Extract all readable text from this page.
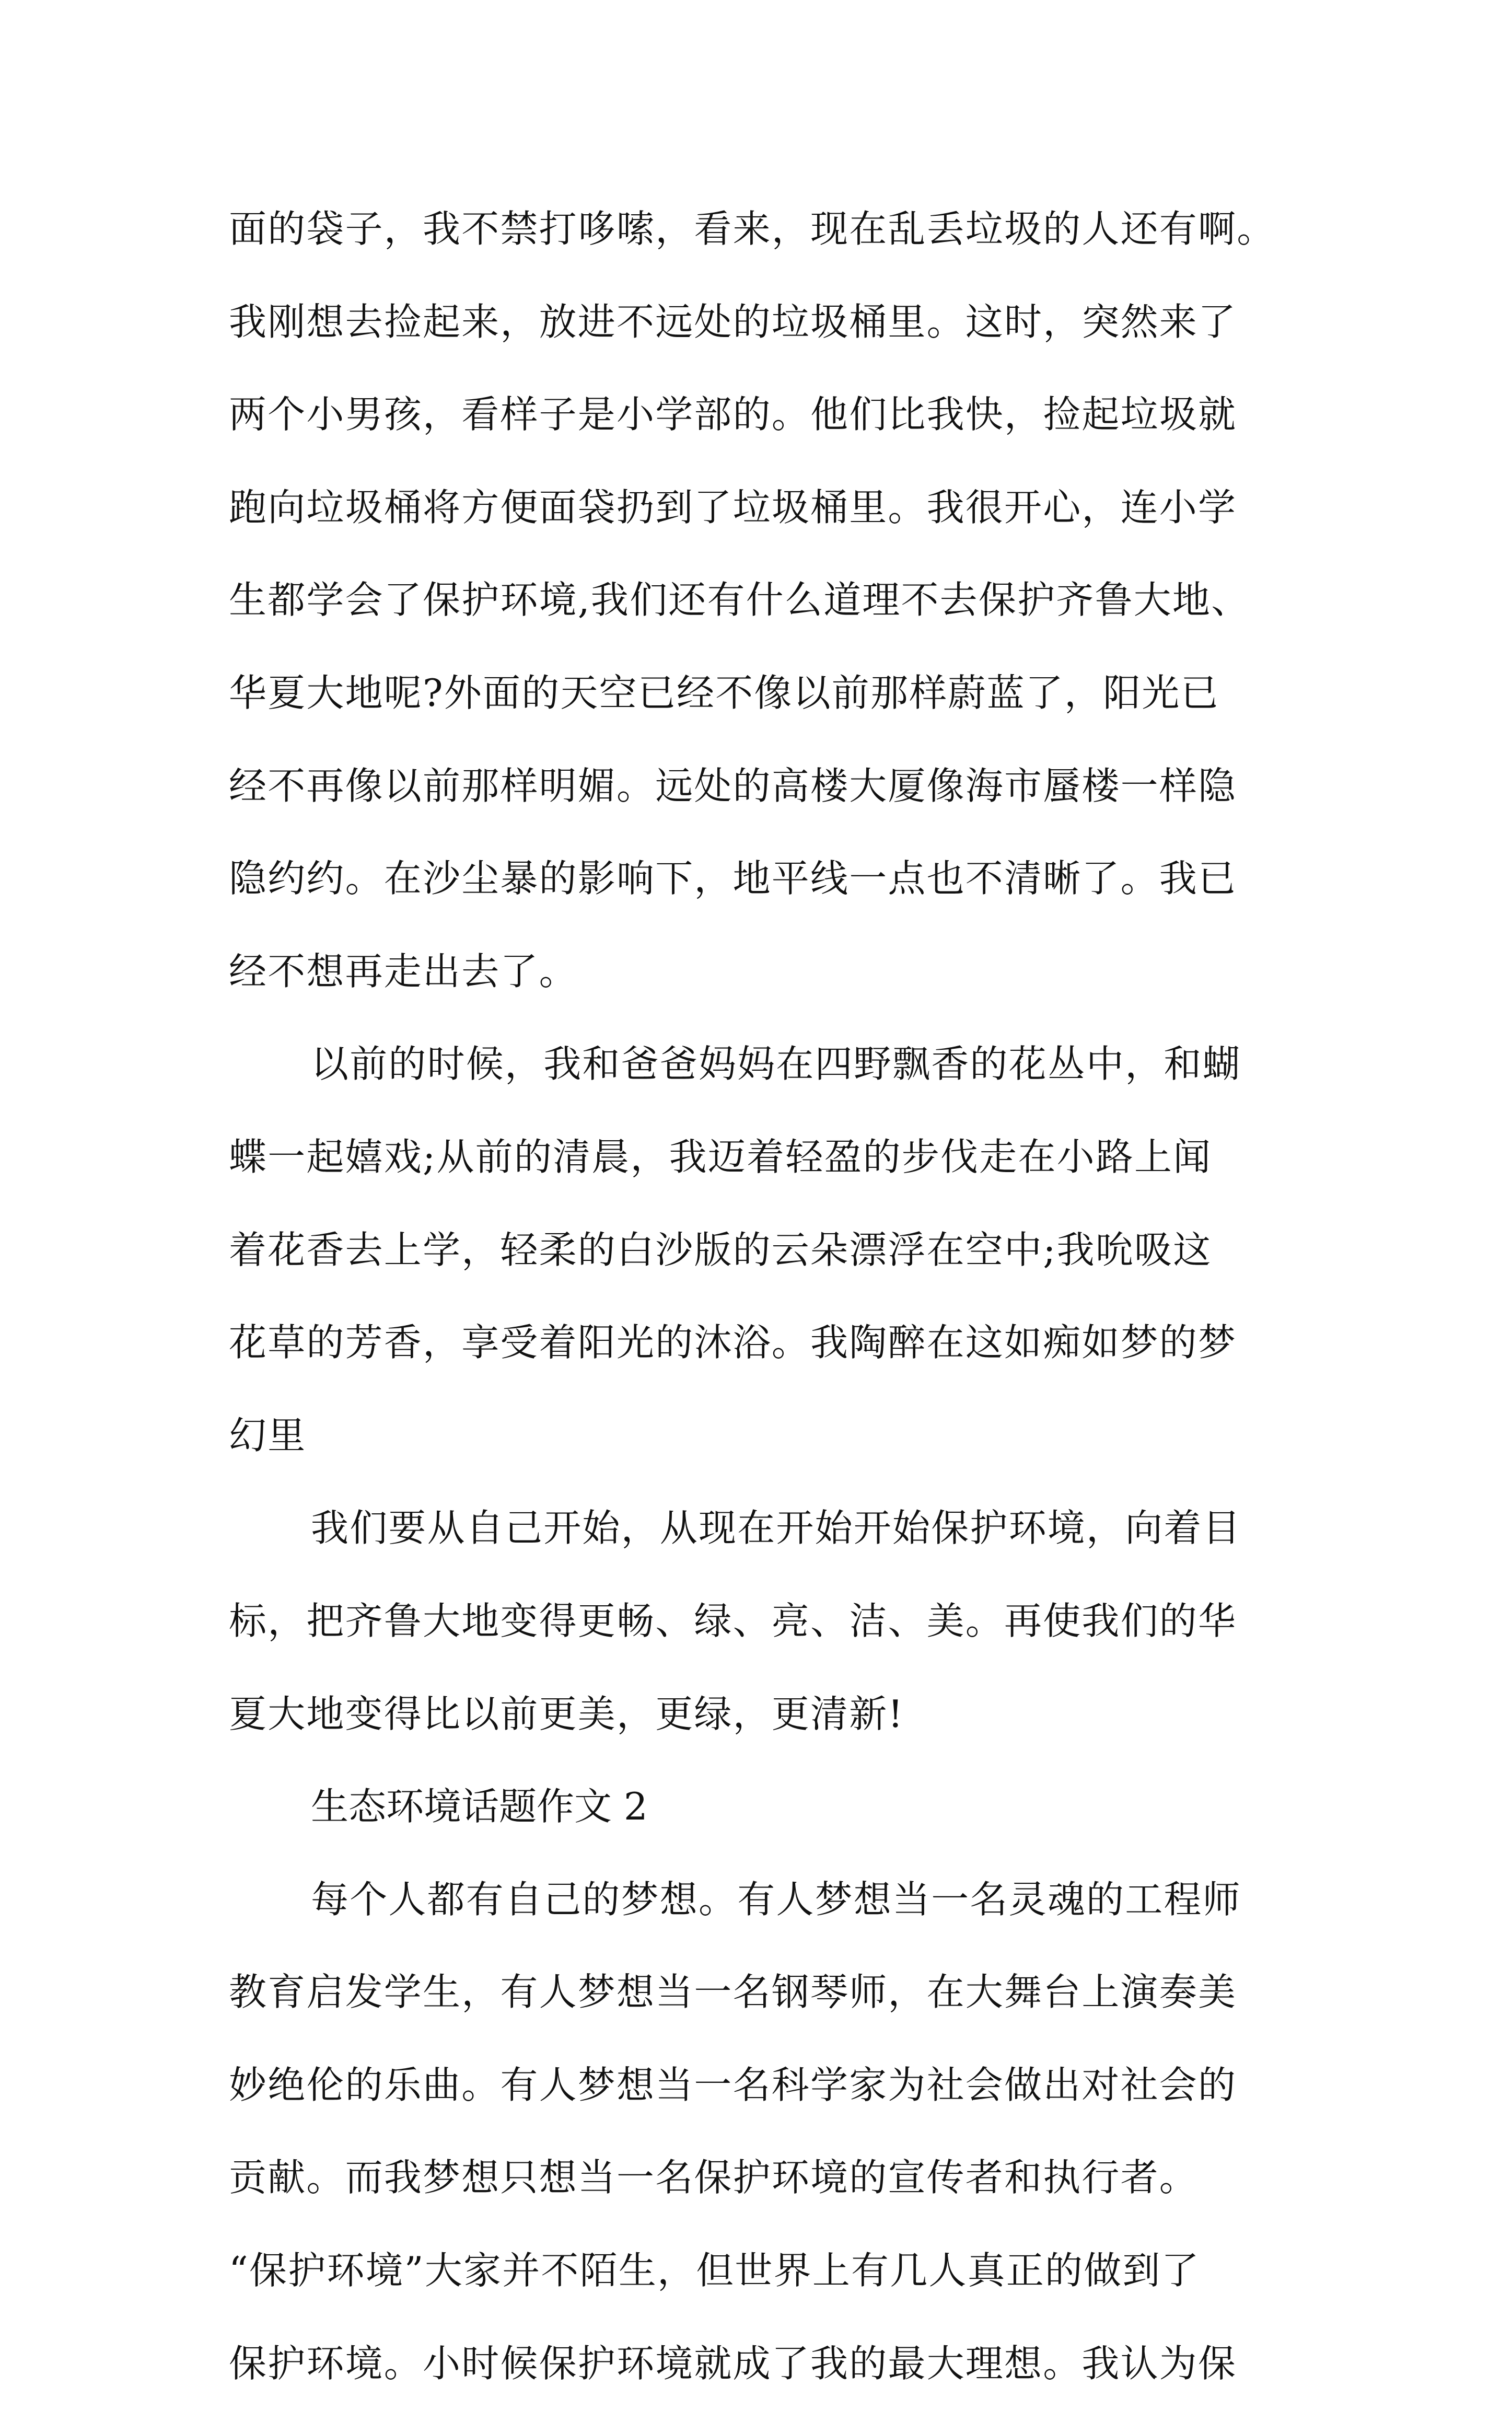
面的袋子，我不禁打哆嗦，看来，现在乱丢垃圾的人还有啊。
我刚想去捡起来，放进不远处的垃圾桶里。这时，突然来了
两个小男孩，看样子是小学部的。他们比我快，捡起垃圾就
跑向垃圾桶将方便面袋扔到了垃圾桶里。我很开心，连小学
生都学会了保护环境,我们还有什么道理不去保护齐鲁大地、
华夏大地呢?外面的天空已经不像以前那样蔚蓝了，阳光已
经不再像以前那样明媚。远处的高楼大厦像海市蜃楼一样隐
隐约约。在沙尘暴的影响下，地平线一点也不清晰了。我已
经不想再走出去了。
以前的时候，我和爸爸妈妈在四野飘香的花丛中，和蝴
蝶一起嬉戏;从前的清晨，我迈着轻盈的步伐走在小路上闻
着花香去上学，轻柔的白沙版的云朵漂浮在空中;我吮吸这
花草的芳香，享受着阳光的沐浴。我陶醉在这如痴如梦的梦
幻里
我们要从自己开始，从现在开始开始保护环境，向着目
标，把齐鲁大地变得更畅、绿、亮、洁、美。再使我们的华
夏大地变得比以前更美，更绿，更清新!
生态环境话题作文 2
每个人都有自己的梦想。有人梦想当一名灵魂的工程师
教育启发学生，有人梦想当一名钢琴师，在大舞台上演奏美
妙绝伦的乐曲。有人梦想当一名科学家为社会做出对社会的
贡献。而我梦想只想当一名保护环境的宣传者和执行者。
“保护环境”大家并不陌生，但世界上有几人真正的做到了
保护环境。小时候保护环境就成了我的最大理想。我认为保
